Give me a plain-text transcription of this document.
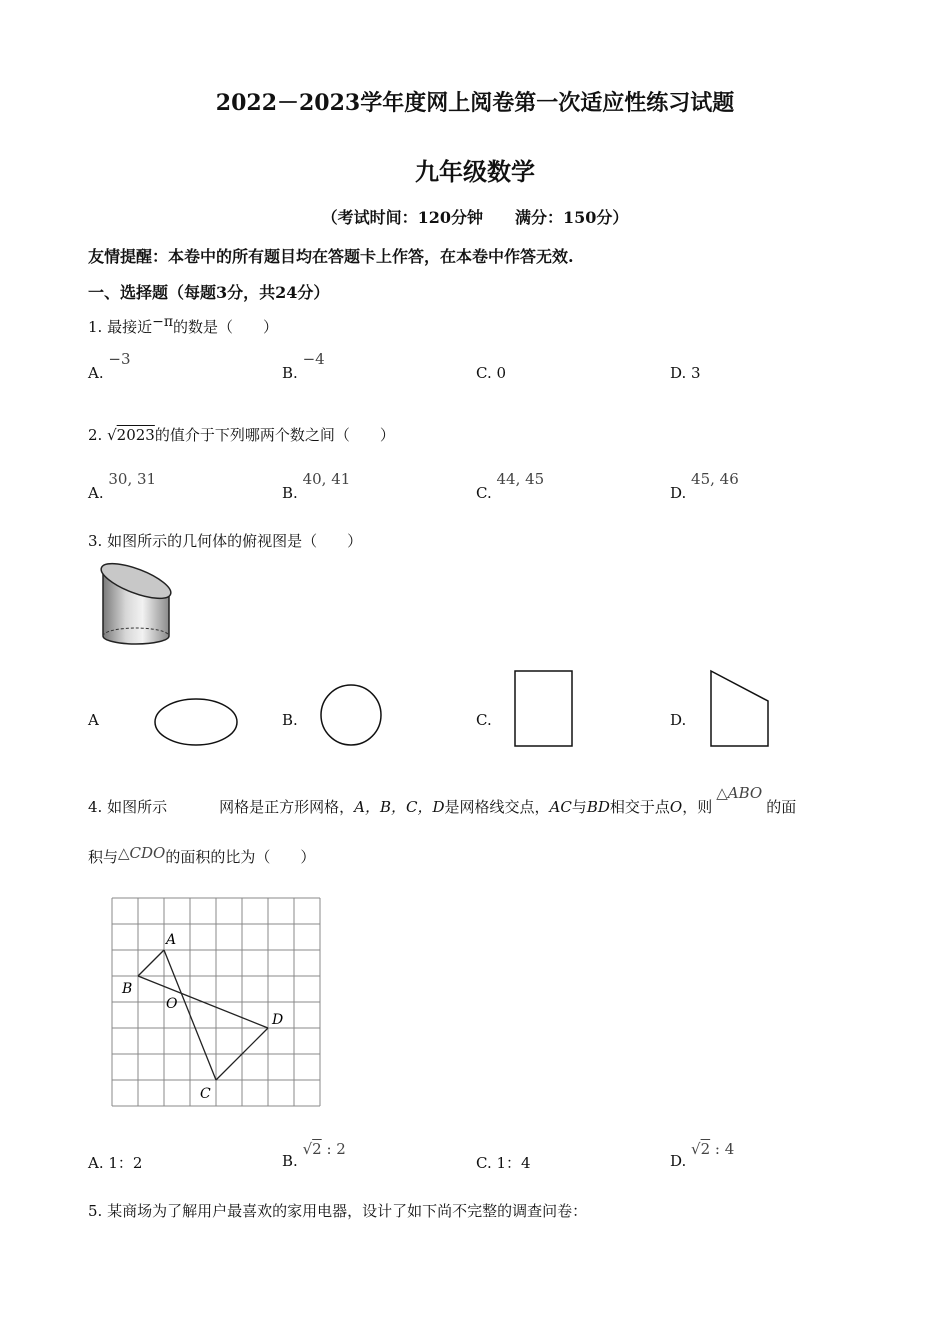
2022－2023学年度网上阅卷第一次适应性练习试题
九年级数学
（考试时间：120分钟　　满分：150分）
友情提醒：本卷中的所有题目均在答题卡上作答，在本卷中作答无效.
一、选择题（每题3分，共24分）
1. 最接近−π的数是（　　）
A. −3
B. −4
C. 0	D. 3
2. √2023的值介于下列哪两个数之间（　　）
A. 30, 31
B. 40, 41
C. 44, 45
D. 45, 46
3. 如图所示的几何体的俯视图是（　　）
A	B.	C.	D.
4. 如图所示	网格是正方形网格，A，B，C，D是网格线交点，AC与BD相交于点O，则△ABO的面
积与△CDO的面积的比为（　　）
A
B
O
D
C
A. 1：2	B. √2 : 2
C. 1：4	D. √2 : 4
5. 某商场为了解用户最喜欢的家用电器，设计了如下尚不完整的调查问卷：
